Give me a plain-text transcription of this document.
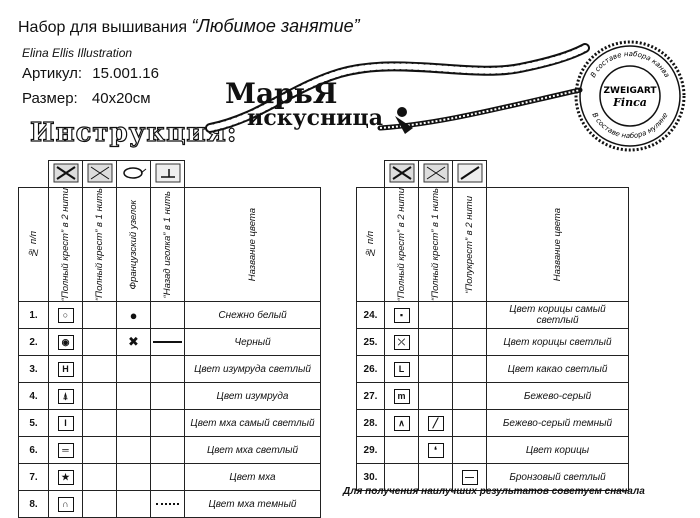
Набор для вышивания “Любимое занятие”
Elina Ellis Illustration
Артикул: 15.001.16
Размер: 40x20см
Инструкция:
МарьЯ
искусница
В составе набора канва
В составе набора мулине
ZWEIGART
Finca

№ п/п	“Полный крест” в 2 нити	“Полный крест” в 1 нить	Французский узелок	“Назад иголка” в 1 нить	Название цвета

1.	○		●		Снежно белый
2.	◉		✖		Черный
3.	H				Цвет изумруда светлый
4.	⍋				Цвет изумруда
5.	I				Цвет мха самый светлый
6.	═				Цвет мха светлый
7.	★				Цвет мха
8.	∩				Цвет мха темный

№ п/п	“Полный крест” в 2 нити	“Полный крест” в 1 нить	“Полукрест” в 2 нити	Название цвета

24.	▪			Цвет корицы самый светлый
25.	⤫			Цвет корицы светлый
26.	L			Цвет какао светлый
27.	m			Бежево-серый
28.	∧	╱		Бежево-серый темный
29.		❛		Цвет корицы
30.			—	Бронзовый светлый
Для получения наилучших результатов советуем сначала
